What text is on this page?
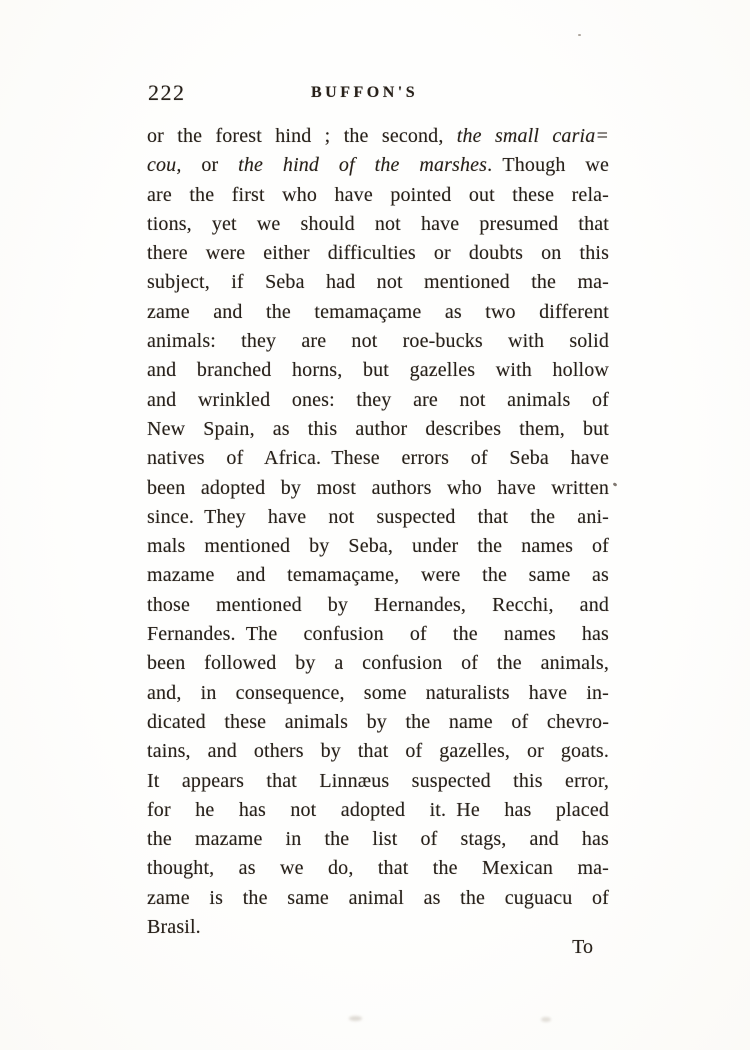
222	BUFFON'S
or the forest hind ; the second, the small caria=
cou, or the hind of the marshes. Though we
are the first who have pointed out these rela-
tions, yet we should not have presumed that
there were either difficulties or doubts on this
subject, if Seba had not mentioned the ma-
zame and the temamaçame as two different
animals: they are not roe-bucks with solid
and branched horns, but gazelles with hollow
and wrinkled ones: they are not animals of
New Spain, as this author describes them, but
natives of Africa. These errors of Seba have
been adopted by most authors who have written
since. They have not suspected that the ani-
mals mentioned by Seba, under the names of
mazame and temamaçame, were the same as
those mentioned by Hernandes, Recchi, and
Fernandes. The confusion of the names has
been followed by a confusion of the animals,
and, in consequence, some naturalists have in-
dicated these animals by the name of chevro-
tains, and others by that of gazelles, or goats.
It appears that Linnæus suspected this error,
for he has not adopted it. He has placed
the mazame in the list of stags, and has
thought, as we do, that the Mexican ma-
zame is the same animal as the cuguacu of
Brasil.
To
